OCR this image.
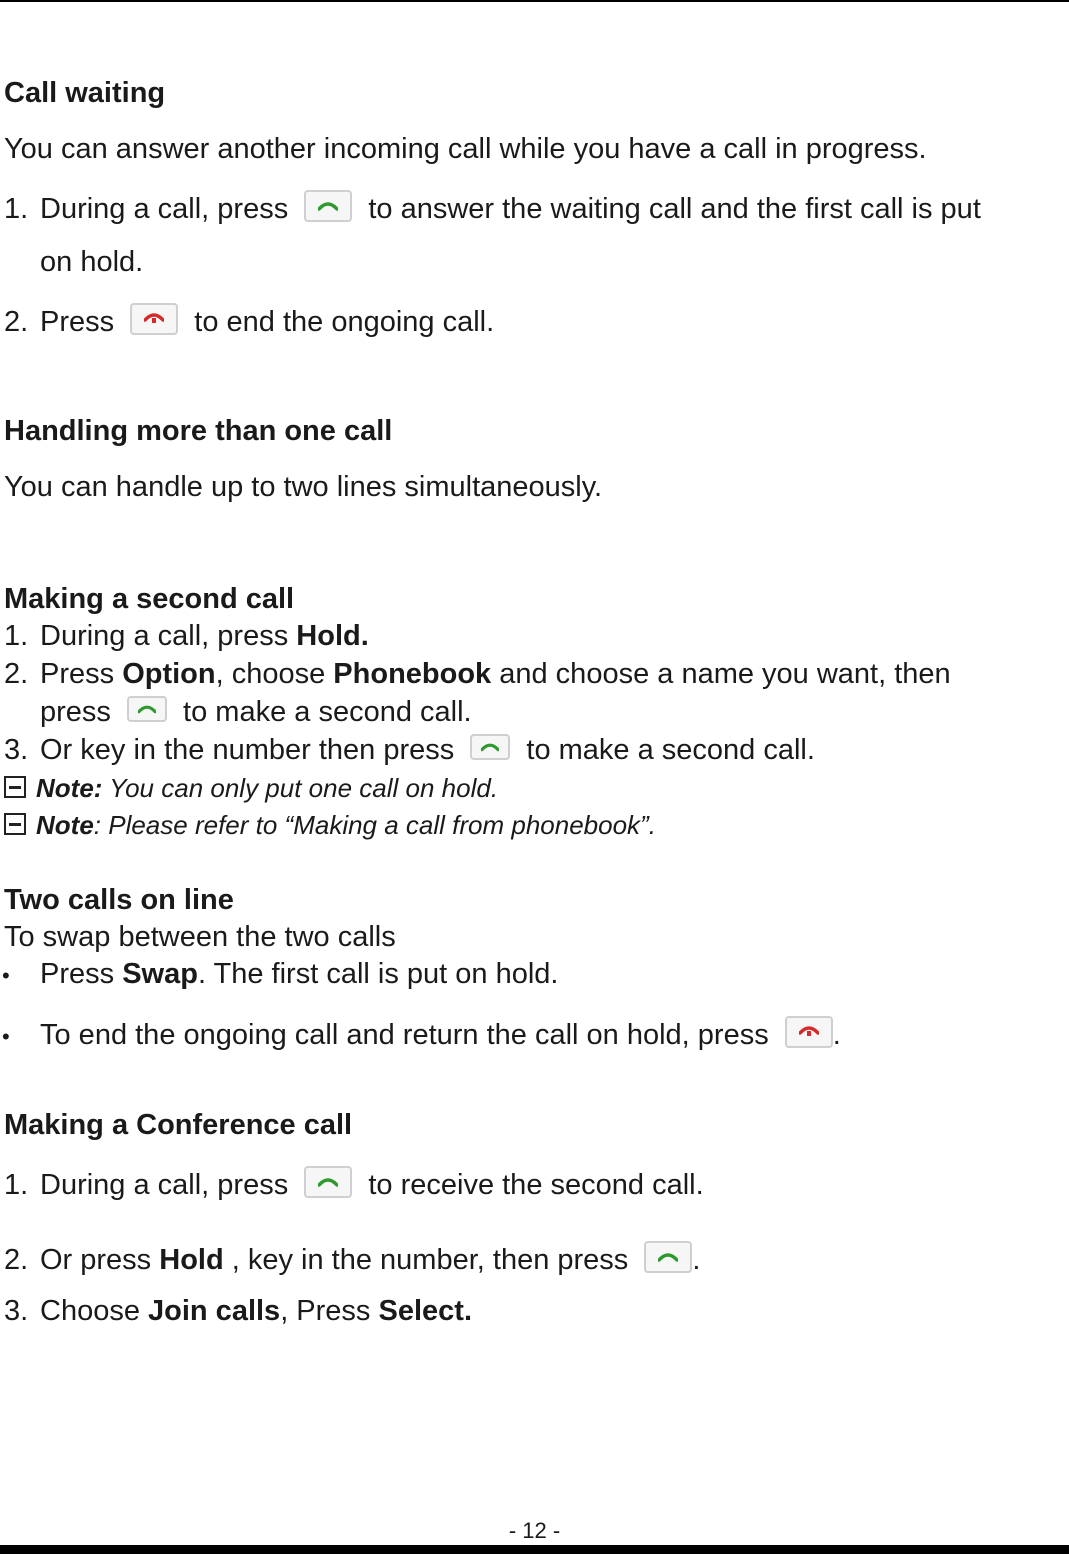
Call waiting
You can answer another incoming call while you have a call in progress.
1. During a call, press	to answer the waiting call and the first call is put
on hold.
2. Press	to end the ongoing call.
Handling more than one call
You can handle up to two lines simultaneously.
Making a second call
1. During a call, press Hold.
2. Press Option, choose Phonebook and choose a name you want, then
press to make a second call.
3. Or key in the number then press to make a second call.
Note: You can only put one call on hold.
Note: Please refer to “Making a call from phonebook”.
Two calls on line
To swap between the two calls
Press Swap. The first call is put on hold.
•
To end the ongoing call and return the call on hold, press .
•
Making a Conference call
1. During a call, press	to receive the second call.
2. Or press Hold , key in the number, then press .
3. Choose Join calls, Press Select.
- 12 -
